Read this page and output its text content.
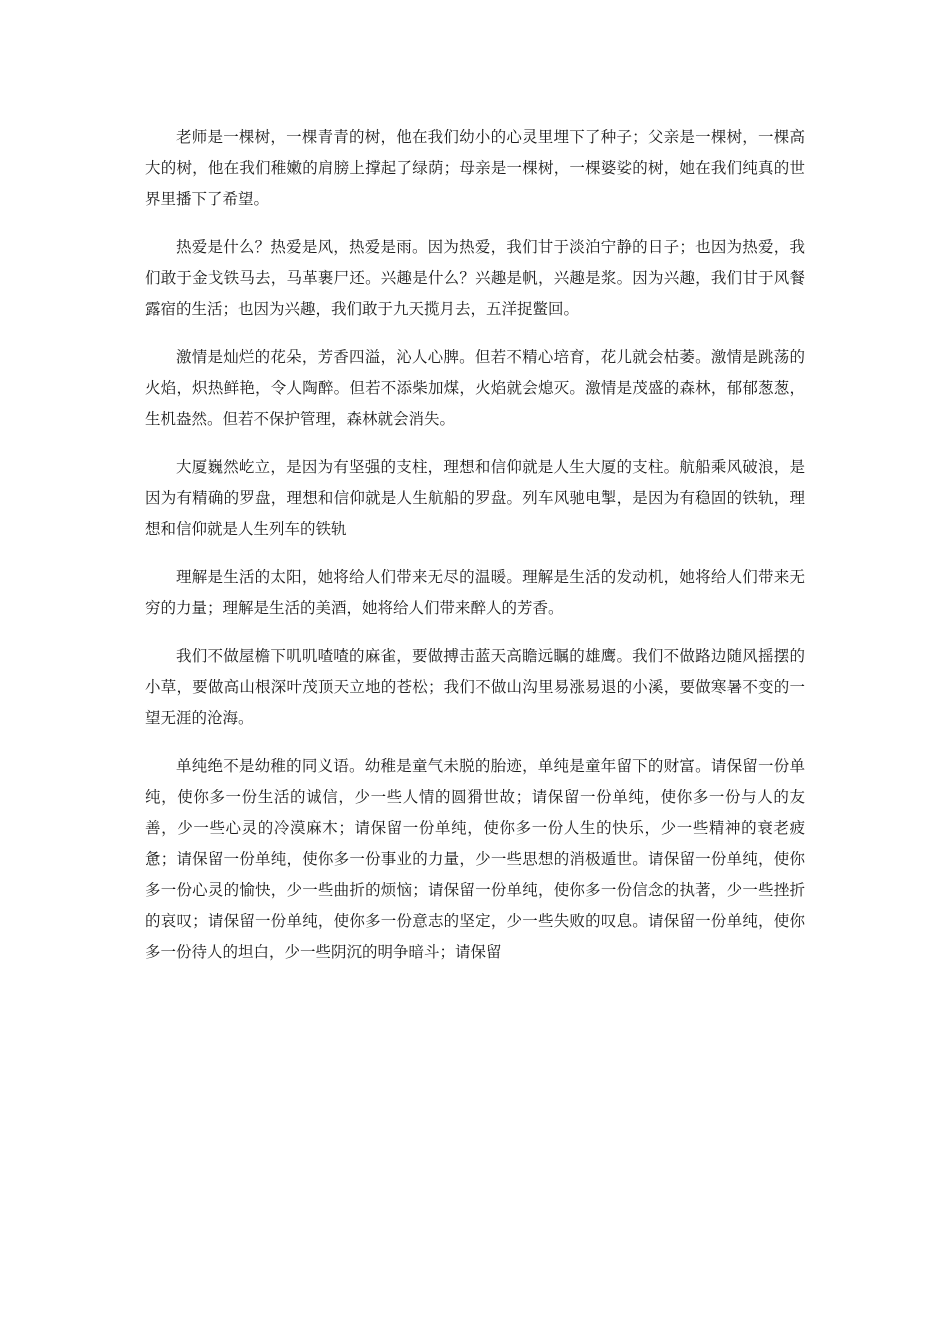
老师是一棵树，一棵青青的树，他在我们幼小的心灵里埋下了种子；父亲是一棵树，一棵高大的树，他在我们稚嫩的肩膀上撑起了绿荫；母亲是一棵树，一棵婆娑的树，她在我们纯真的世界里播下了希望。

热爱是什么？热爱是风，热爱是雨。因为热爱，我们甘于淡泊宁静的日子；也因为热爱，我们敢于金戈铁马去，马革裹尸还。兴趣是什么？兴趣是帆，兴趣是浆。因为兴趣，我们甘于风餐露宿的生活；也因为兴趣，我们敢于九天揽月去，五洋捉鳖回。

激情是灿烂的花朵，芳香四溢，沁人心脾。但若不精心培育，花儿就会枯萎。激情是跳荡的火焰，炽热鲜艳，令人陶醉。但若不添柴加煤，火焰就会熄灭。激情是茂盛的森林，郁郁葱葱，生机盎然。但若不保护管理，森林就会消失。

大厦巍然屹立，是因为有坚强的支柱，理想和信仰就是人生大厦的支柱。航船乘风破浪，是因为有精确的罗盘，理想和信仰就是人生航船的罗盘。列车风驰电掣，是因为有稳固的铁轨，理想和信仰就是人生列车的铁轨

理解是生活的太阳，她将给人们带来无尽的温暖。理解是生活的发动机，她将给人们带来无穷的力量；理解是生活的美酒，她将给人们带来醉人的芳香。

我们不做屋檐下叽叽喳喳的麻雀，要做搏击蓝天高瞻远瞩的雄鹰。我们不做路边随风摇摆的小草，要做高山根深叶茂顶天立地的苍松；我们不做山沟里易涨易退的小溪，要做寒暑不变的一望无涯的沧海。

单纯绝不是幼稚的同义语。幼稚是童气未脱的胎迹，单纯是童年留下的财富。请保留一份单纯，使你多一份生活的诚信，少一些人情的圆猾世故；请保留一份单纯，使你多一份与人的友善，少一些心灵的冷漠麻木；请保留一份单纯，使你多一份人生的快乐，少一些精神的衰老疲惫；请保留一份单纯，使你多一份事业的力量，少一些思想的消极遁世。请保留一份单纯，使你多一份心灵的愉快，少一些曲折的烦恼；请保留一份单纯，使你多一份信念的执著，少一些挫折的哀叹；请保留一份单纯，使你多一份意志的坚定，少一些失败的叹息。请保留一份单纯，使你多一份待人的坦白，少一些阴沉的明争暗斗；请保留
